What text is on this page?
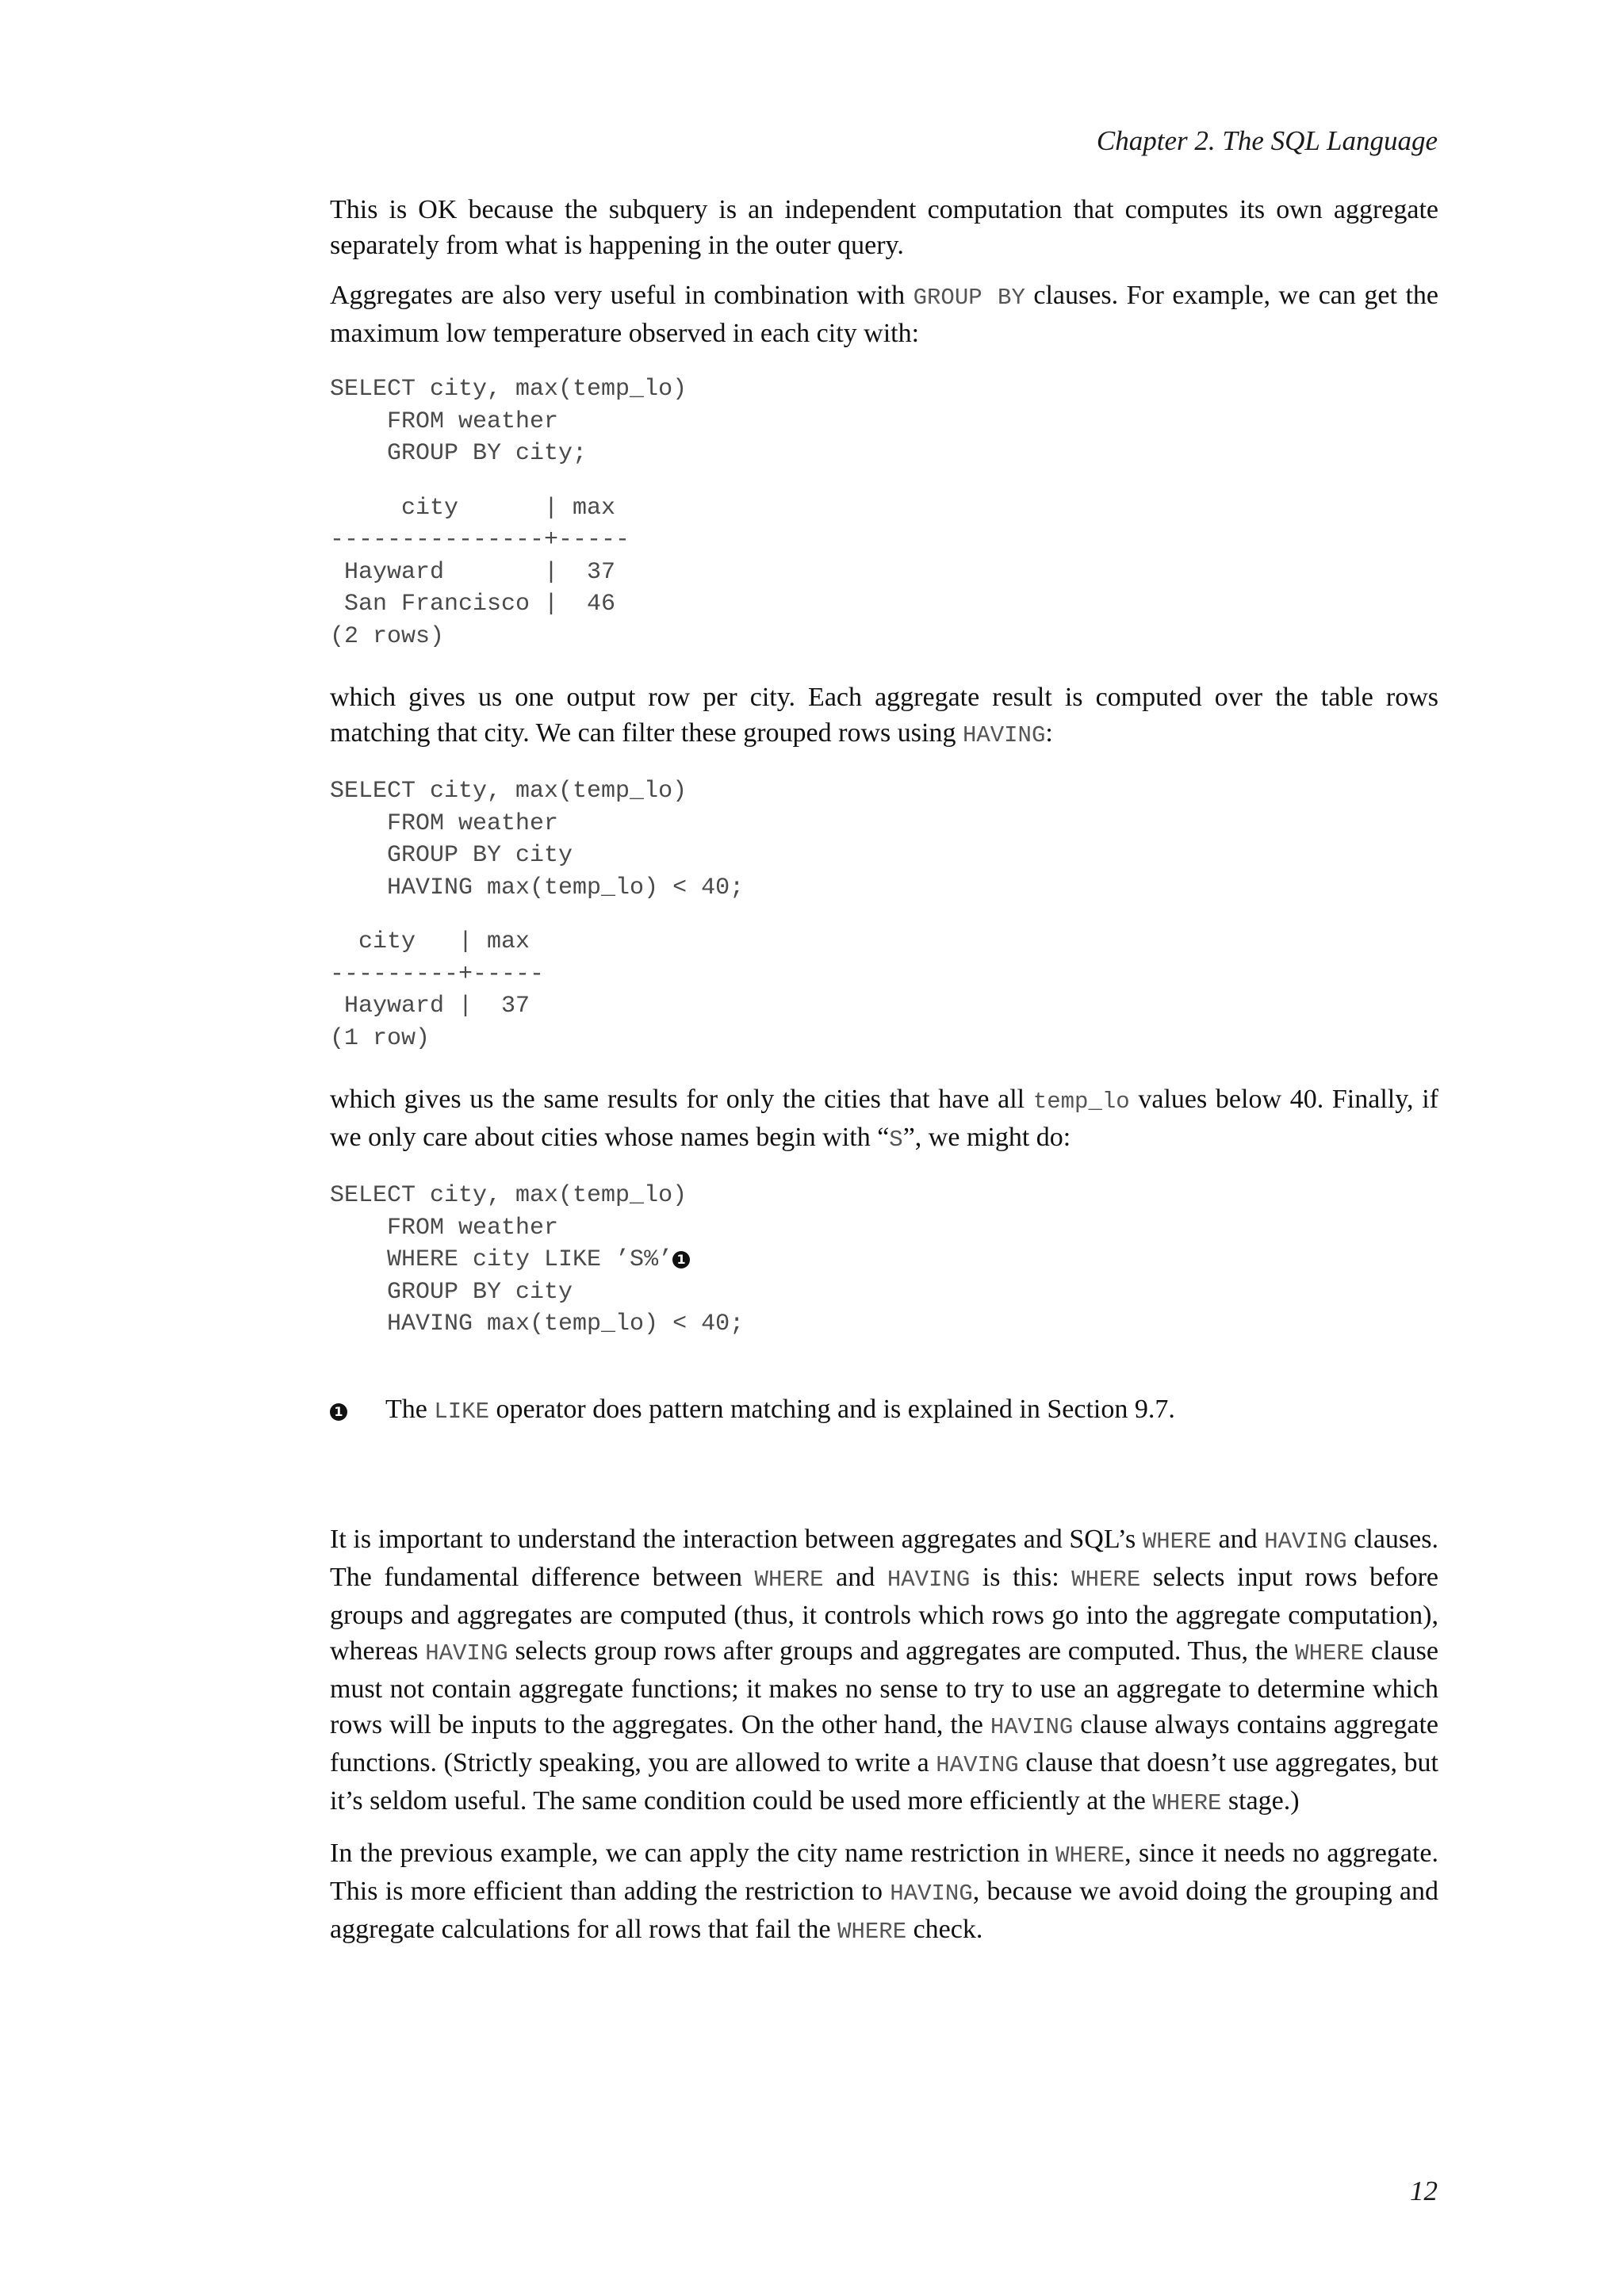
Chapter 2. The SQL Language

This is OK because the subquery is an independent computation that computes its own aggregate separately from what is happening in the outer query.

Aggregates are also very useful in combination with GROUP BY clauses. For example, we can get the maximum low temperature observed in each city with:

SELECT city, max(temp_lo)
FROM weather
GROUP BY city;
city      | max
---------------+-----
Hayward       |  37
San Francisco |  46
(2 rows)

which gives us one output row per city. Each aggregate result is computed over the table rows matching that city. We can filter these grouped rows using HAVING:

SELECT city, max(temp_lo)
FROM weather
GROUP BY city
HAVING max(temp_lo) < 40;
city   | max
---------+-----
Hayward |  37
(1 row)

which gives us the same results for only the cities that have all temp_lo values below 40. Finally, if we only care about cities whose names begin with “S”, we might do:

SELECT city, max(temp_lo)
FROM weather
WHERE city LIKE ’S%’ 1
GROUP BY city
HAVING max(temp_lo) < 40;
1	The LIKE operator does pattern matching and is explained in Section 9.7.

It is important to understand the interaction between aggregates and SQL’s WHERE and HAVING clauses. The fundamental difference between WHERE and HAVING is this: WHERE selects input rows before groups and aggregates are computed (thus, it controls which rows go into the aggregate computation), whereas HAVING selects group rows after groups and aggregates are computed. Thus, the WHERE clause must not contain aggregate functions; it makes no sense to try to use an aggregate to determine which rows will be inputs to the aggregates. On the other hand, the HAVING clause always contains aggregate functions. (Strictly speaking, you are allowed to write a HAVING clause that doesn’t use aggregates, but it’s seldom useful. The same condition could be used more efficiently at the WHERE stage.)

In the previous example, we can apply the city name restriction in WHERE, since it needs no aggregate. This is more efficient than adding the restriction to HAVING, because we avoid doing the grouping and aggregate calculations for all rows that fail the WHERE check.

12
